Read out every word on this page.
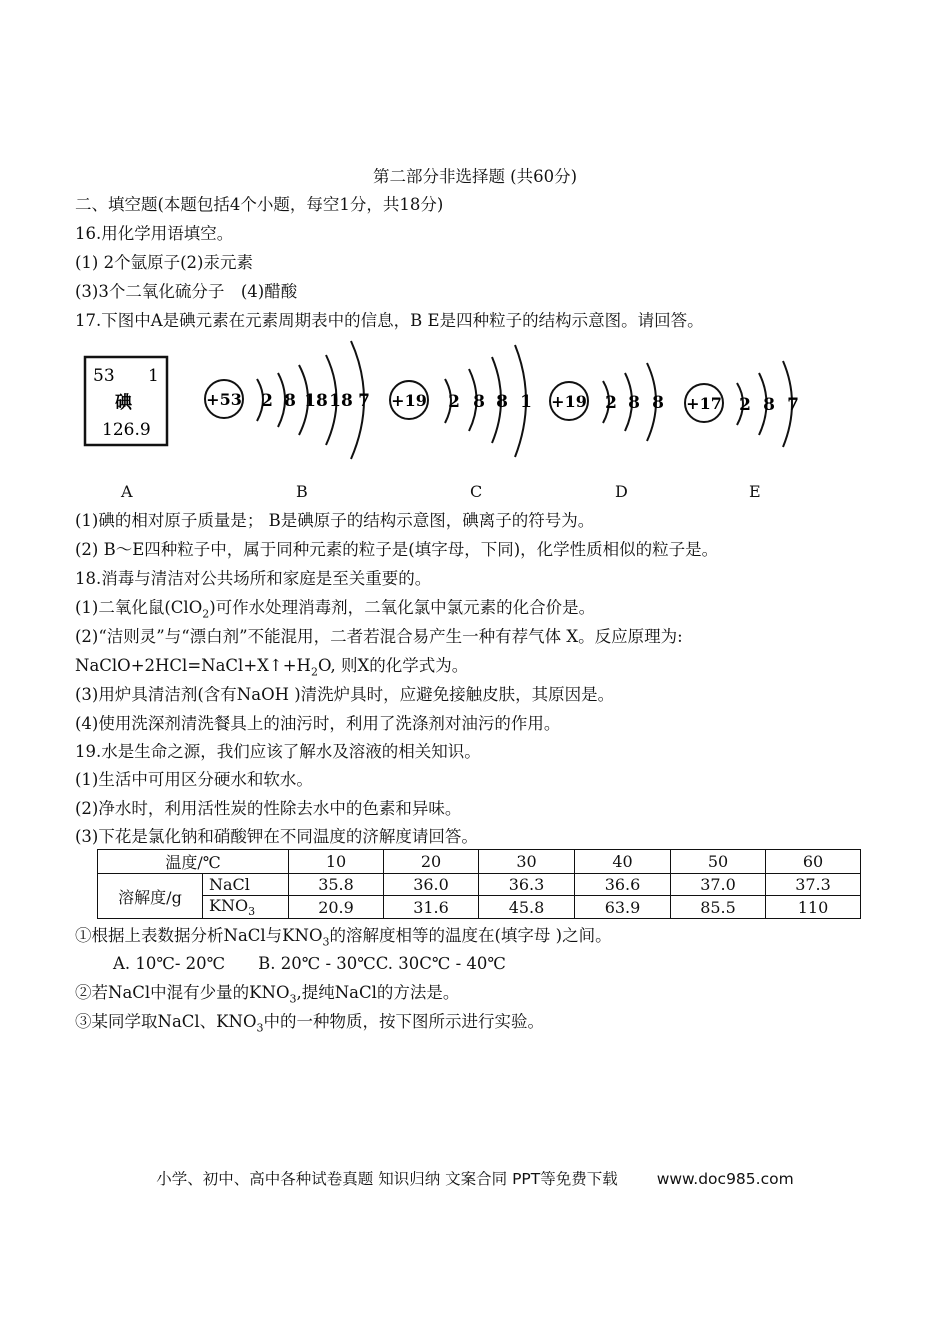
第二部分非选择题 (共60分)
二、填空题(本题包括4个小题，每空1分，共18分)
16.用化学用语填空。
(1) 2个氩原子(2)汞元素
(3)3个二氧化硫分子　(4)醋酸
17.下图中A是碘元素在元素周期表中的信息，B E是四种粒子的结构示意图。请回答。
53 1
碘
126.9
+53 2 8 18 18 7 +19 2 8 8 1 +19 2 8 8 +17 2 8 7
A	B	C	D	E
(1)碘的相对原子质量是； B是碘原子的结构示意图，碘离子的符号为。
(2) B～E四种粒子中，属于同种元素的粒子是(填字母，下同)，化学性质相似的粒子是。
18.消毒与清洁对公共场所和家庭是至关重要的。
(1)二氧化鼠(ClO$_2$)可作水处理消毒剂，二氧化氯中氯元素的化合价是。
(2)“洁则灵”与“漂白剂”不能混用，二者若混合易产生一种有荐气体 X。反应原理为:
$NaClO+2HCl=NaCl+X↑+H_2O$, 则X的化学式为。
(3)用炉具清洁剂(含有NaOH )清洗炉具时，应避免接触皮肤，其原因是。
(4)使用洗深剂清洗餐具上的油污时，利用了洗涤剂对油污的作用。
19.水是生命之源，我们应该了解水及溶液的相关知识。
(1)生活中可用区分硬水和软水。
(2)净水时，利用活性炭的性除去水中的色素和异味。
(3)下花是氯化钠和硝酸钾在不同温度的济解度请回答。
温度/℃		10	20	30	40	50	60
溶解度/g	NaCl	35.8	36.0	36.3	36.6	37.0	37.3
	$KNO_3$	20.9	31.6	45.8	63.9	85.5	110
①根据上表数据分析NaCl与$KNO_3$的溶解度相等的温度在(填字母 )之间。
A. 10℃- 20℃　　B. 20℃ - 30℃C. 30C℃ - 40℃
②若NaCl中混有少量的$KNO_3$,提纯NaCl的方法是。
③某同学取NaCl、$KNO_3$中的一种物质，按下图所示进行实验。
小学、初中、高中各种试卷真题 知识归纳 文案合同 PPT等免费下载	www.doc985.com
